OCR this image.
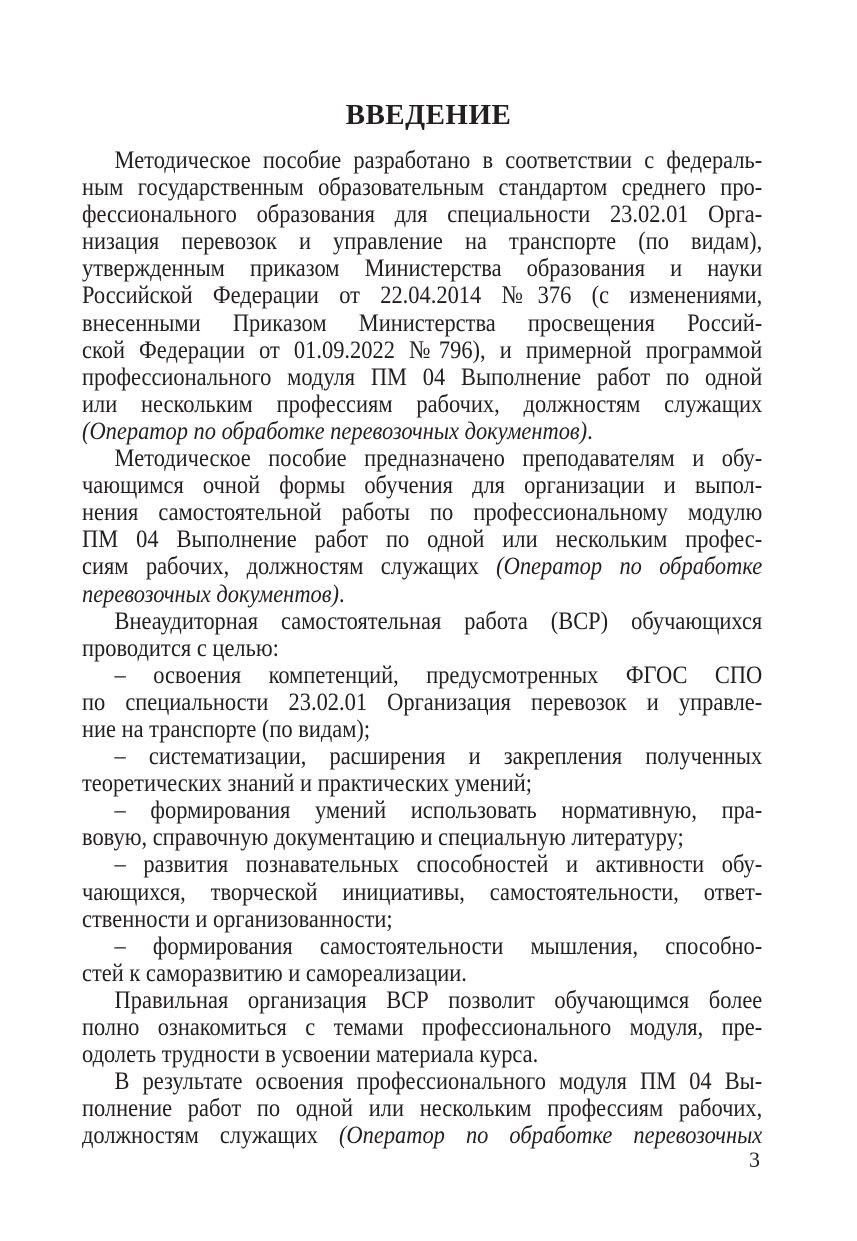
ВВЕДЕНИЕ
Методическое пособие разработано в соответствии с федераль-
ным государственным образовательным стандартом среднего про-
фессионального образования для специальности 23.02.01 Орга-
низация перевозок и управление на транспорте (по видам),
утвержденным приказом Министерства образования и науки
Российской Федерации от 22.04.2014 №376 (с изменениями,
внесенными Приказом Министерства просвещения Россий-
ской Федерации от 01.09.2022 №796), и примерной программой
профессионального модуля ПМ 04 Выполнение работ по одной
или нескольким профессиям рабочих, должностям служащих
(Оператор по обработке перевозочных документов).
Методическое пособие предназначено преподавателям и обу-
чающимся очной формы обучения для организации и выпол-
нения самостоятельной работы по профессиональному модулю
ПМ 04 Выполнение работ по одной или нескольким профес-
сиям рабочих, должностям служащих (Оператор по обработке
перевозочных документов).
Внеаудиторная самостоятельная работа (ВСР) обучающихся
проводится с целью:
– освоения компетенций, предусмотренных ФГОС СПО
по специальности 23.02.01 Организация перевозок и управле-
ние на транспорте (по видам);
– систематизации, расширения и закрепления полученных
теоретических знаний и практических умений;
– формирования умений использовать нормативную, пра-
вовую, справочную документацию и специальную литературу;
– развития познавательных способностей и активности обу-
чающихся, творческой инициативы, самостоятельности, ответ-
ственности и организованности;
– формирования самостоятельности мышления, способно-
стей к саморазвитию и самореализации.
Правильная организация ВСР позволит обучающимся более
полно ознакомиться с темами профессионального модуля, пре-
одолеть трудности в усвоении материала курса.
В результате освоения профессионального модуля ПМ 04 Вы-
полнение работ по одной или нескольким профессиям рабочих,
должностям служащих (Оператор по обработке перевозочных
3
